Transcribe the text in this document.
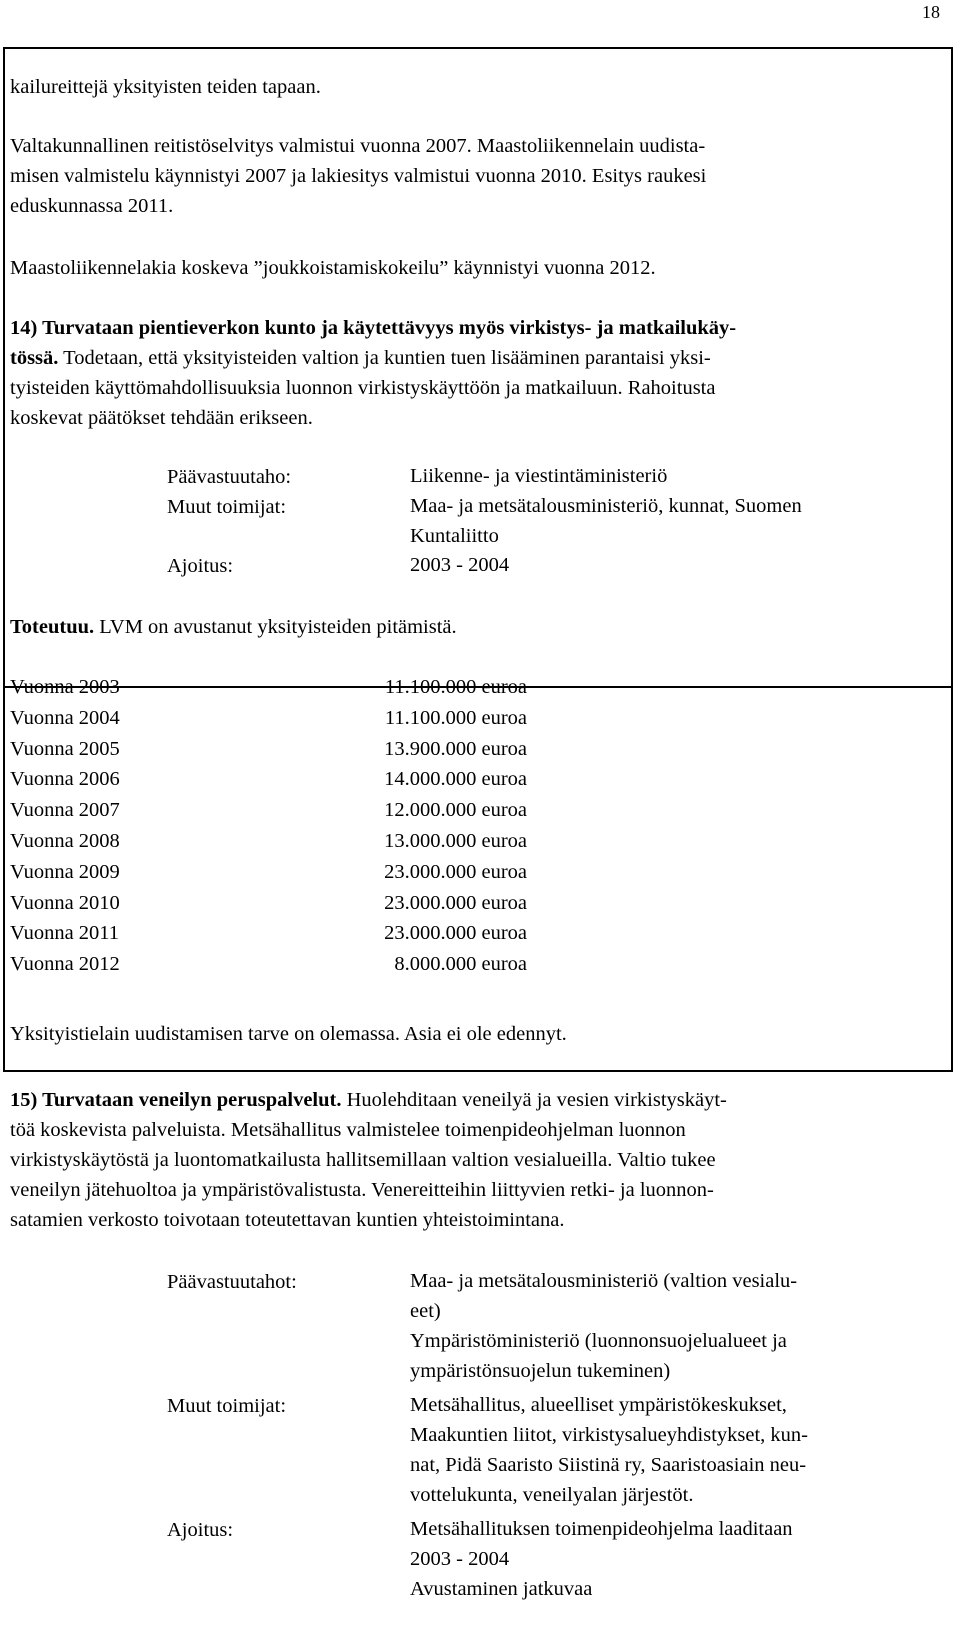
18
kailureittejä yksityisten teiden tapaan.
Valtakunnallinen reitistöselvitys valmistui vuonna 2007. Maastoliikennelain uudista-
misen valmistelu käynnistyi 2007 ja lakiesitys valmistui vuonna 2010. Esitys raukesi
eduskunnassa 2011.
Maastoliikennelakia koskeva ”joukkoistamiskokeilu” käynnistyi vuonna 2012.
14) Turvataan pientieverkon kunto ja käytettävyys myös virkistys- ja matkailukäy-
tössä. Todetaan, että yksityisteiden valtion ja kuntien tuen lisääminen parantaisi yksi-
tyisteiden käyttömahdollisuuksia luonnon virkistyskäyttöön ja matkailuun. Rahoitusta
koskevat päätökset tehdään erikseen.
Päävastuutaho:	Liikenne- ja viestintäministeriö
Muut toimijat:	Maa- ja metsätalousministeriö, kunnat, Suomen
Kuntaliitto
Ajoitus:	2003 - 2004
Toteutuu. LVM on avustanut yksityisteiden pitämistä.
Vuonna 2003	11.100.000 euroa
Vuonna 2004	11.100.000 euroa
Vuonna 2005	13.900.000 euroa
Vuonna 2006	14.000.000 euroa
Vuonna 2007	12.000.000 euroa
Vuonna 2008	13.000.000 euroa
Vuonna 2009	23.000.000 euroa
Vuonna 2010	23.000.000 euroa
Vuonna 2011	23.000.000 euroa
Vuonna 2012	8.000.000 euroa
Yksityistielain uudistamisen tarve on olemassa. Asia ei ole edennyt.
15) Turvataan veneilyn peruspalvelut. Huolehditaan veneilyä ja vesien virkistyskäyt-
töä koskevista palveluista. Metsähallitus valmistelee toimenpideohjelman luonnon
virkistyskäytöstä ja luontomatkailusta hallitsemillaan valtion vesialueilla. Valtio tukee
veneilyn jätehuoltoa ja ympäristövalistusta. Venereitteihin liittyvien retki- ja luonnon-
satamien verkosto toivotaan toteutettavan kuntien yhteistoimintana.
Päävastuutahot:	Maa- ja metsätalousministeriö (valtion vesialu-
eet)
Ympäristöministeriö (luonnonsuojelualueet ja
ympäristönsuojelun tukeminen)
Muut toimijat:	Metsähallitus, alueelliset ympäristökeskukset,
Maakuntien liitot, virkistysalueyhdistykset, kun-
nat, Pidä Saaristo Siistinä ry, Saaristoasiain neu-
vottelukunta, veneilyalan järjestöt.
Ajoitus:	Metsähallituksen toimenpideohjelma laaditaan
2003 - 2004
Avustaminen jatkuvaa
